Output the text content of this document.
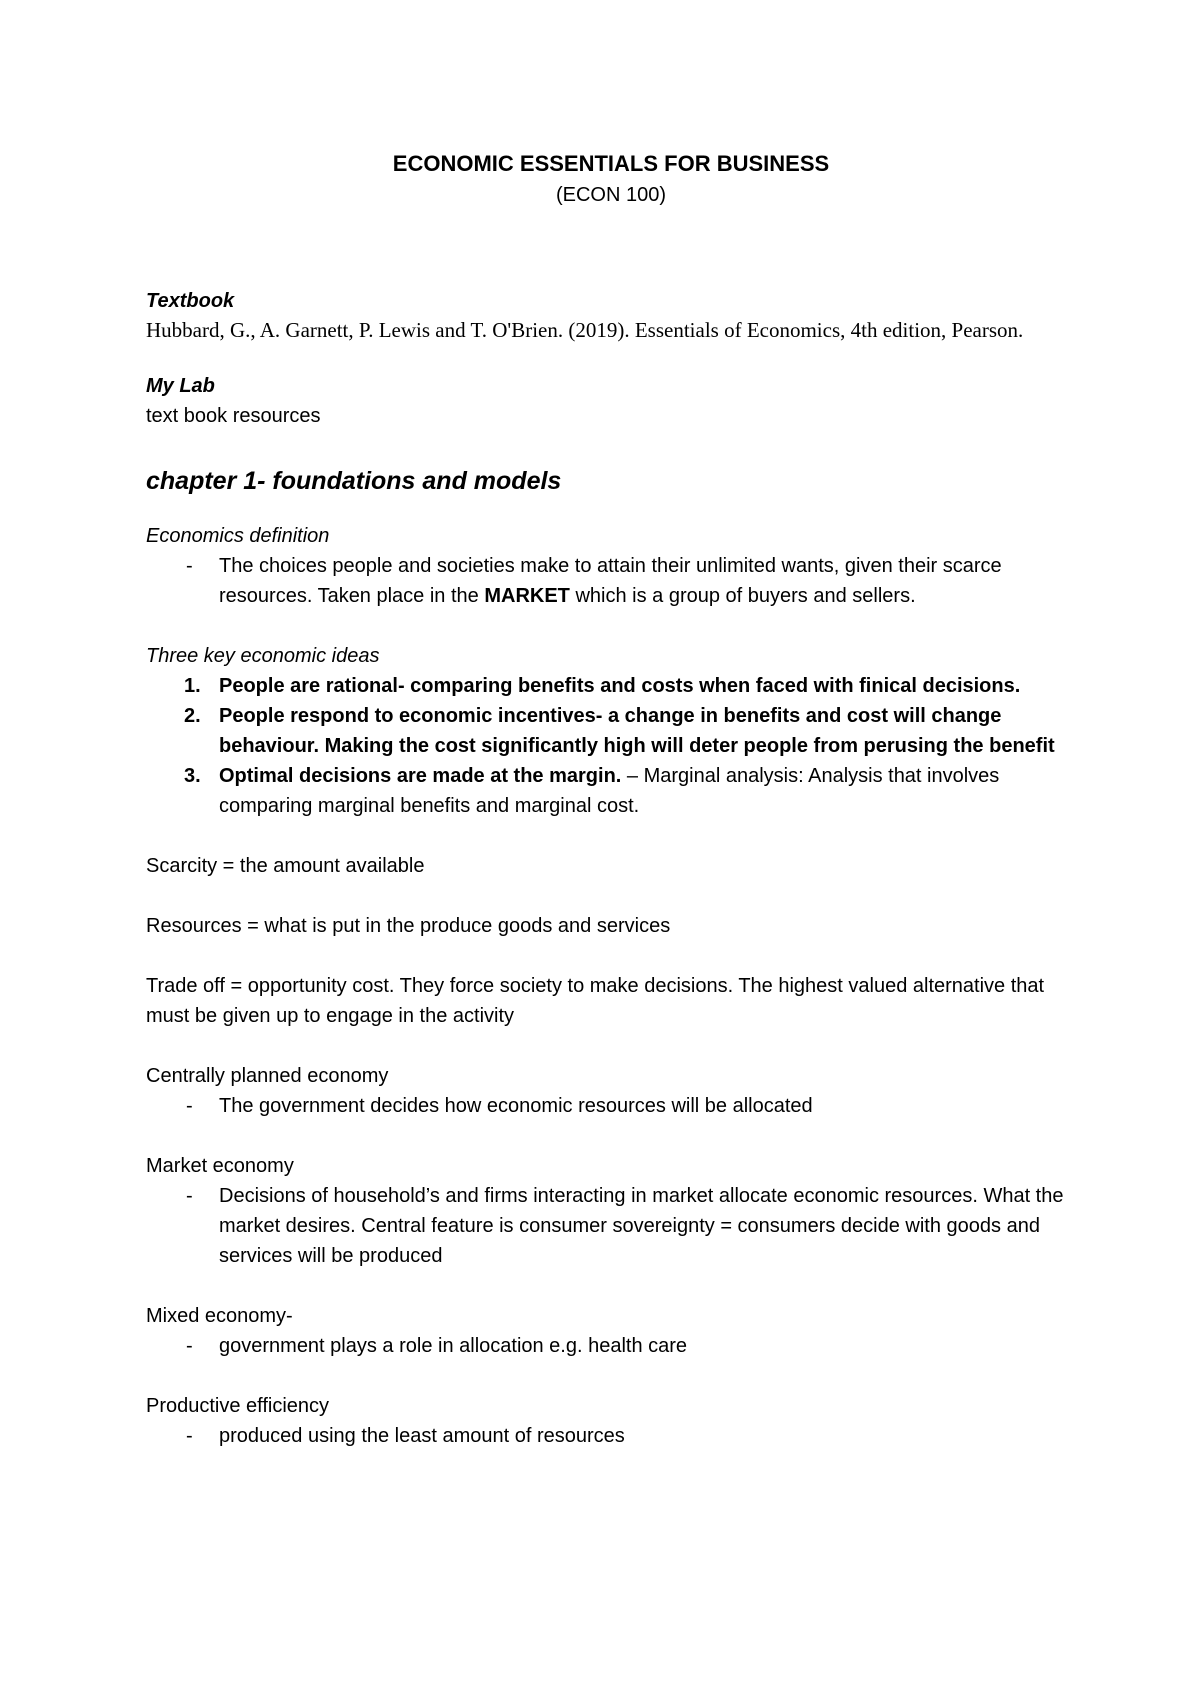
ECONOMIC ESSENTIALS FOR BUSINESS

(ECON 100)

Textbook

Hubbard, G., A. Garnett, P. Lewis and T. O'Brien. (2019). Essentials of Economics, 4th edition, Pearson.

My Lab

text book resources

chapter 1- foundations and models

Economics definition

- The choices people and societies make to attain their unlimited wants, given their scarce resources. Taken place in the MARKET which is a group of buyers and sellers.

Three key economic ideas

1. People are rational- comparing benefits and costs when faced with finical decisions.
2. People respond to economic incentives- a change in benefits and cost will change behaviour. Making the cost significantly high will deter people from perusing the benefit
3. Optimal decisions are made at the margin. – Marginal analysis: Analysis that involves comparing marginal benefits and marginal cost.

Scarcity = the amount available

Resources = what is put in the produce goods and services

Trade off = opportunity cost. They force society to make decisions. The highest valued alternative that must be given up to engage in the activity

Centrally planned economy

- The government decides how economic resources will be allocated

Market economy

- Decisions of household’s and firms interacting in market allocate economic resources. What the market desires. Central feature is consumer sovereignty = consumers decide with goods and services will be produced

Mixed economy-

- government plays a role in allocation e.g. health care

Productive efficiency

- produced using the least amount of resources
